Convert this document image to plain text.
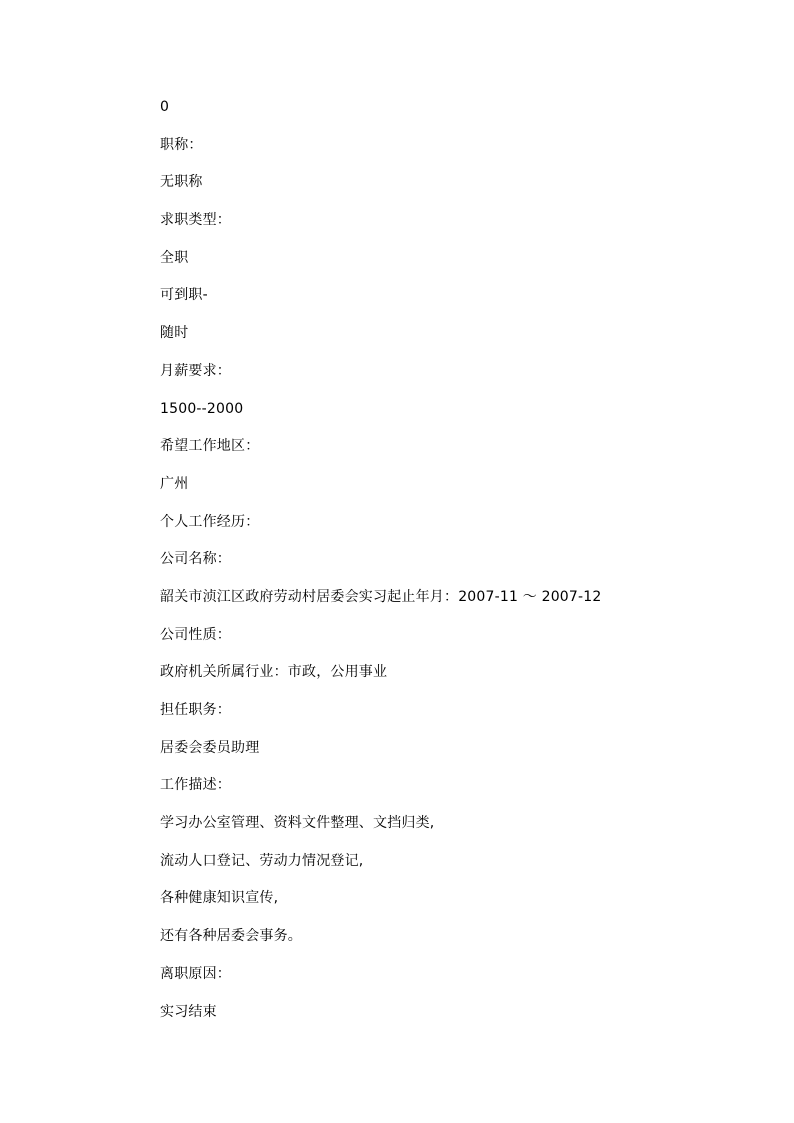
0
职称：
无职称
求职类型：
全职
可到职-
随时
月薪要求：
1500--2000
希望工作地区：
广州
个人工作经历：
公司名称：
韶关市浈江区政府劳动村居委会实习起止年月：2007-11 ～ 2007-12
公司性质：
政府机关所属行业：市政，公用事业
担任职务：
居委会委员助理
工作描述：
学习办公室管理、资料文件整理、文挡归类,
流动人口登记、劳动力情况登记,
各种健康知识宣传,
还有各种居委会事务。
离职原因：
实习结束
